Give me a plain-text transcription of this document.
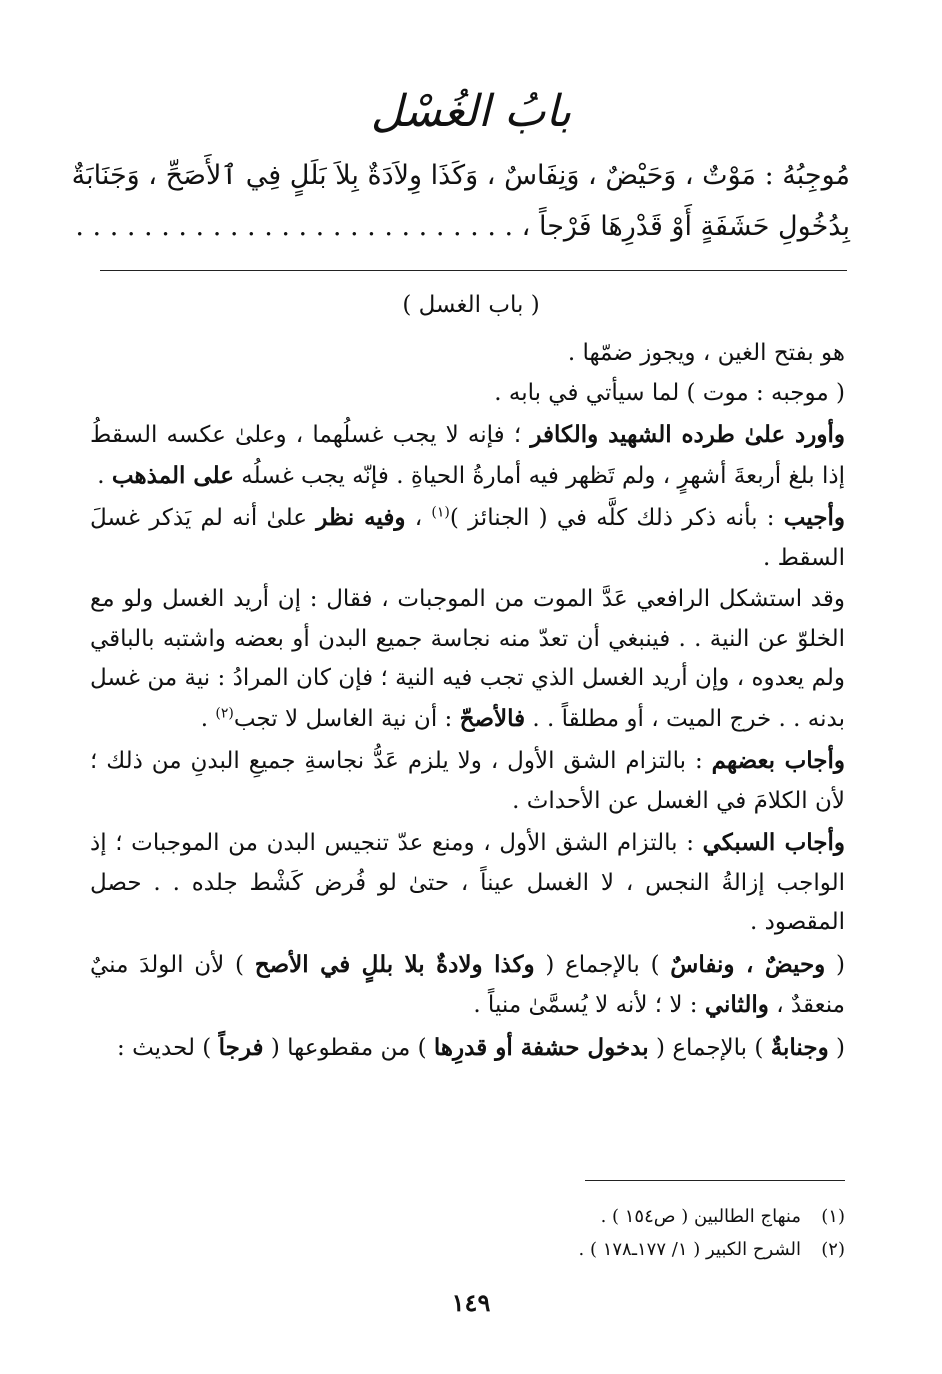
بابُ الغُسْل

مُوجِبُهُ : مَوْتٌ ، وَحَيْضٌ ، وَنِفَاسٌ ، وَكَذَا وِلاَدَةٌ بِلاَ بَلَلٍ فِي ٱلأَصَحِّ ، وَجَنَابَةٌ

بِدُخُولِ حَشَفَةٍ أَوْ قَدْرِهَا فَرْجاً ، . . . . . . . . . . . . . . . . . . . . . . . . . .

( باب الغسل )

هو بفتح الغين ، ويجوز ضمّها .

( موجبه : موت ) لما سيأتي في بابه .

وأورد علىٰ طرده الشهيد والكافر ؛ فإنه لا يجب غسلُهما ، وعلىٰ عكسه السقطُ إذا بلغ أربعةَ أشهرٍ ، ولم تَظهر فيه أمارةُ الحياةِ . فإنّه يجب غسلُه على المذهب .

وأجيب : بأنه ذكر ذلك كلَّه في ( الجنائز )$^{(١)}$ ، وفيه نظر علىٰ أنه لم يَذكر غسلَ السقط .

وقد استشكل الرافعي عَدَّ الموت من الموجبات ، فقال : إن أريد الغسل ولو مع الخلوّ عن النية . . فينبغي أن تعدّ منه نجاسة جميع البدن أو بعضه واشتبه بالباقي ولم يعدوه ، وإن أريد الغسل الذي تجب فيه النية ؛ فإن كان المرادُ : نية من غسل بدنه . . خرج الميت ، أو مطلقاً . . فالأصحّ : أن نية الغاسل لا تجب$^{(٢)}$ .

وأجاب بعضهم : بالتزام الشق الأول ، ولا يلزم عَدُّ نجاسةِ جميعِ البدنِ من ذلك ؛ لأن الكلامَ في الغسل عن الأحداث .

وأجاب السبكي : بالتزام الشق الأول ، ومنع عدّ تنجيس البدن من الموجبات ؛ إذ الواجب إزالةُ النجس ، لا الغسل عيناً ، حتىٰ لو فُرض كَشْط جلده . . حصل المقصود .

( وحيضٌ ، ونفاسٌ ) بالإجماع ( وكذا ولادةٌ بلا بللٍ في الأصح ) لأن الولدَ منيٌ منعقدٌ ، والثاني : لا ؛ لأنه لا يُسمَّىٰ منياً .

( وجنابةٌ ) بالإجماع ( بدخول حشفة أو قدرِها ) من مقطوعها ( فرجاً ) لحديث :

(١)منهاج الطالبين ( ص١٥٤ ) .

(٢)الشرح الكبير ( ١/ ١٧٧ـ١٧٨ ) .

١٤٩
